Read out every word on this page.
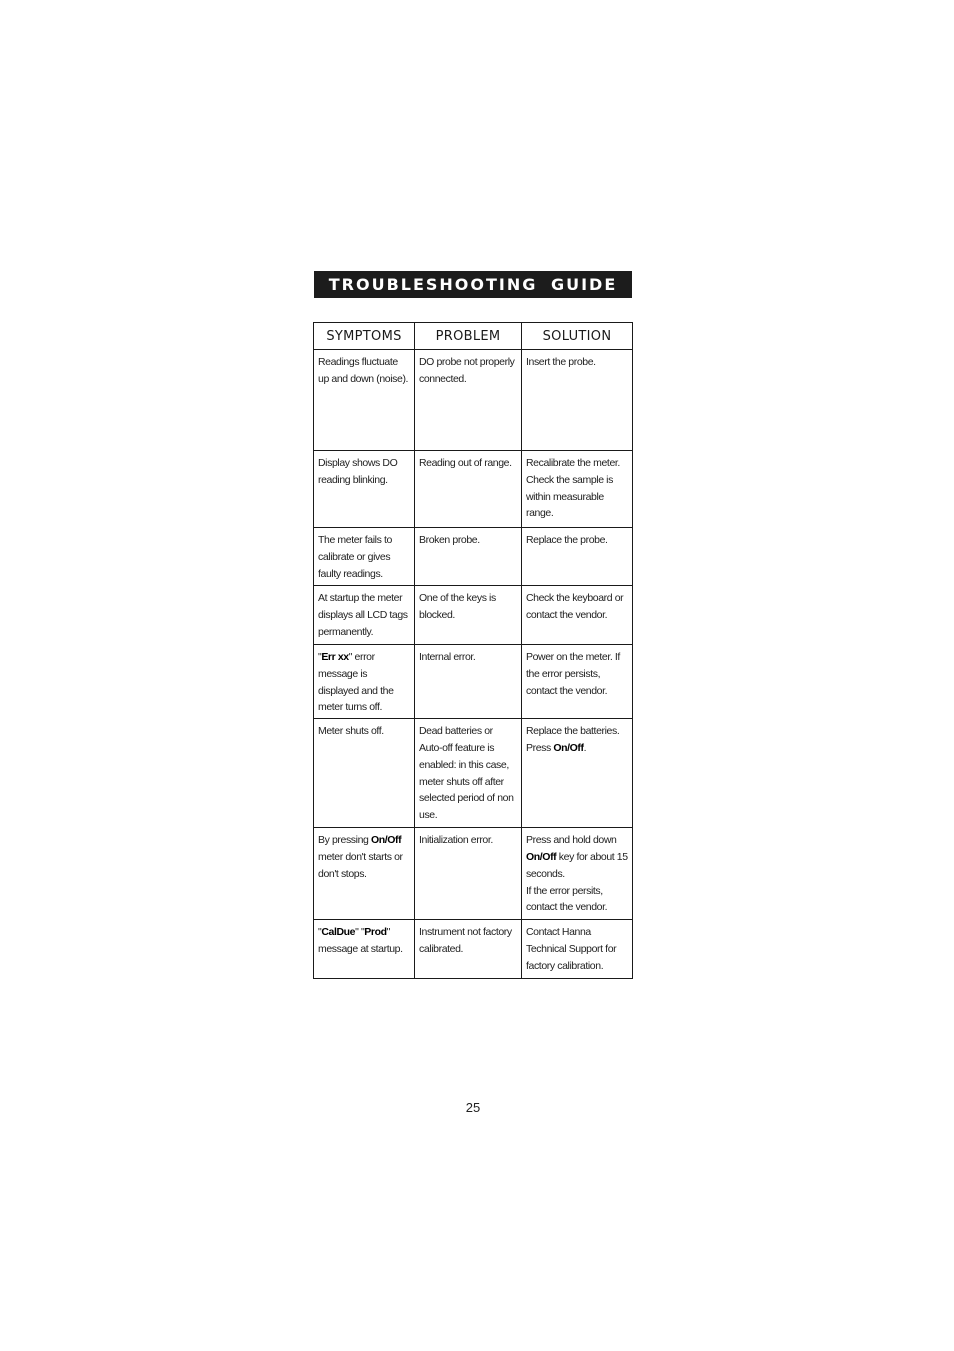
TROUBLESHOOTING GUIDE
SYMPTOMS	PROBLEM	SOLUTION

Readings fluctuate up and down (noise).	DO probe not properly connected.	Insert the probe.

Display shows DO reading blinking.	Reading out of range.	Recalibrate the meter. Check the sample is within measurable range.

The meter fails to calibrate or gives faulty readings.	Broken probe.	Replace the probe.

At startup the meter displays all LCD tags permanently.	One of the keys is blocked.	Check the keyboard or contact the vendor.

"Err xx" error message is displayed and the meter turns off.	Internal error.	Power on the meter. If the error persists, contact the vendor.

Meter shuts off.	Dead batteries or Auto-off feature is enabled: in this case, meter shuts off after selected period of non use.	Replace the batteries. Press On/Off.

By pressing On/Off meter don't starts or don't stops.	Initialization error.	Press and hold down On/Off key for about 15 seconds.
If the error persits, contact the vendor.

"CalDue" "Prod" message at startup.	Instrument not factory calibrated.	Contact Hanna Technical Support for factory calibration.
25
